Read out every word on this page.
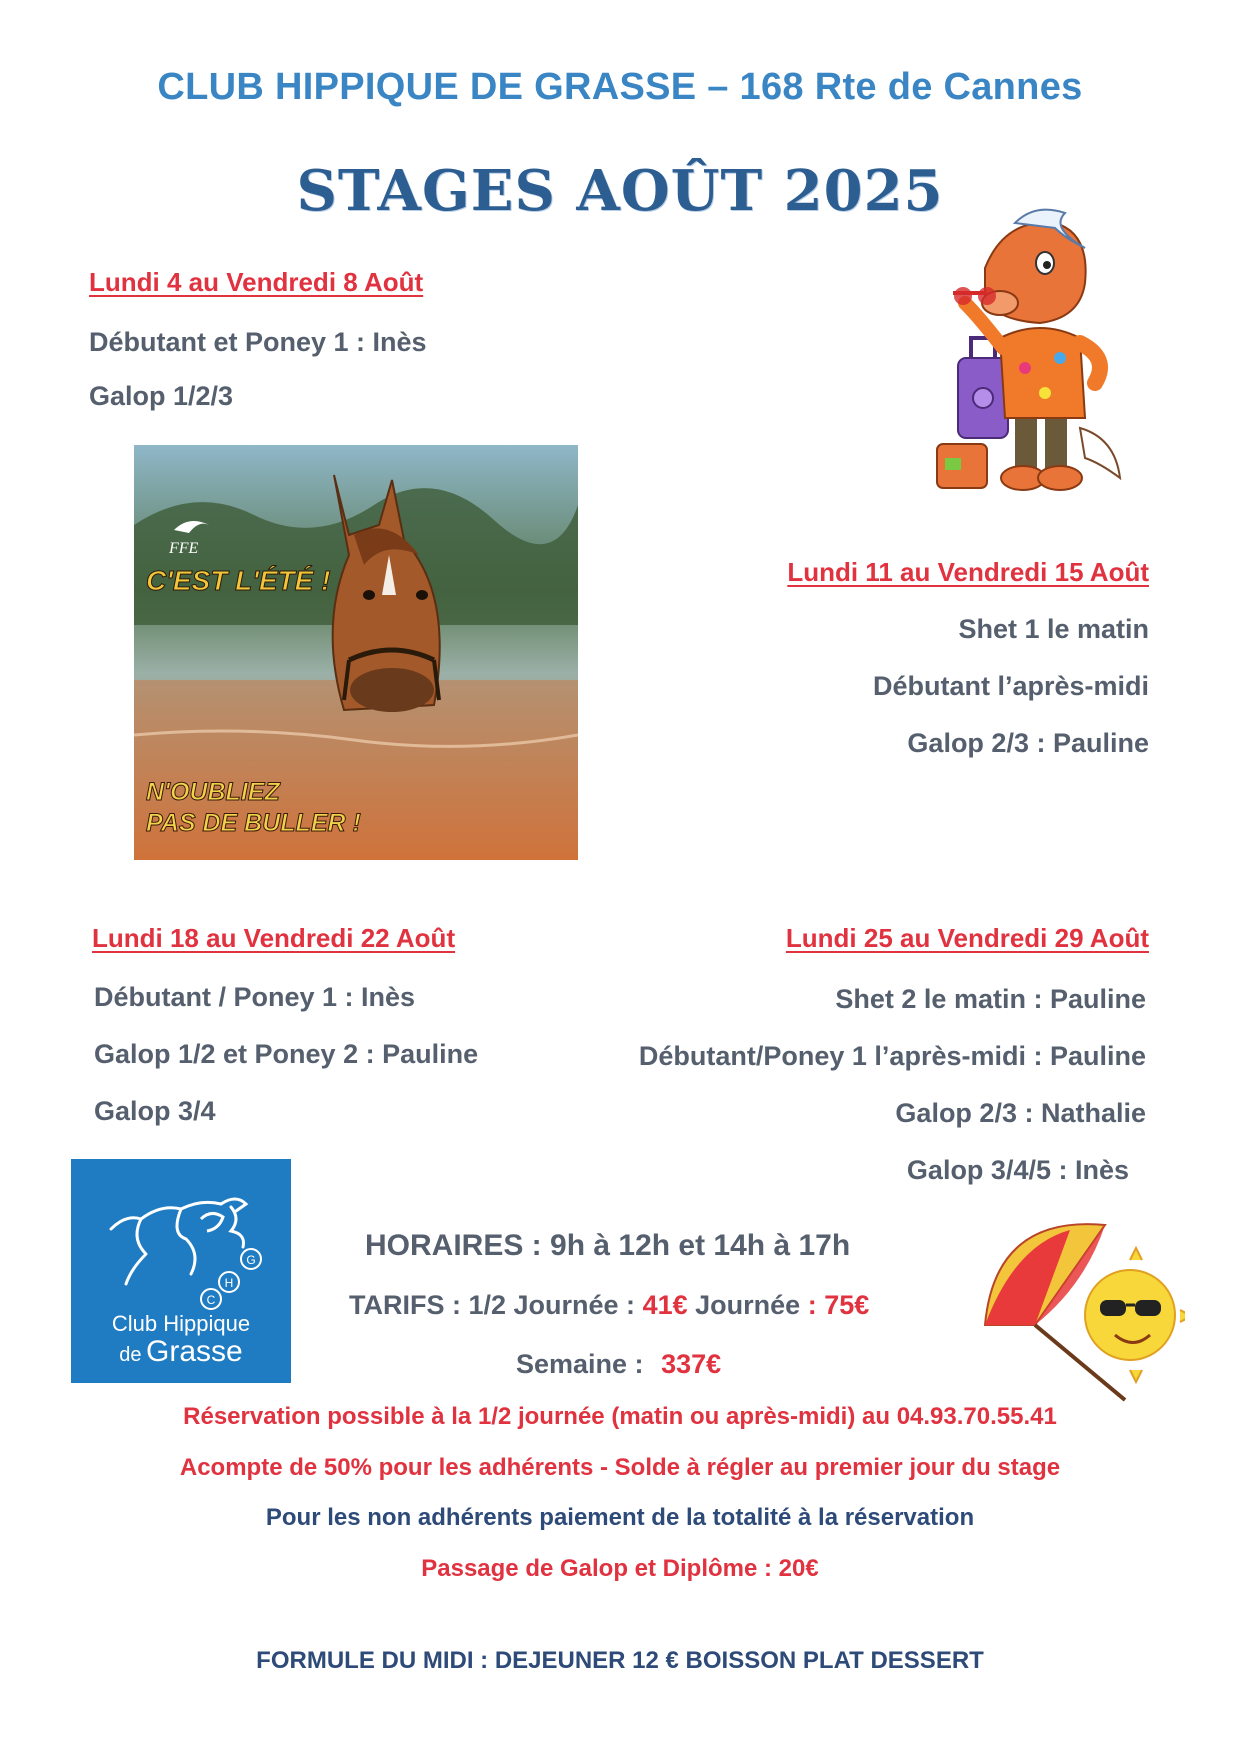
CLUB HIPPIQUE DE GRASSE – 168 Rte de Cannes
STAGES AOÛT 2025
Lundi 4 au Vendredi 8 Août
Débutant et Poney 1 : Inès
Galop 1/2/3
FFE
C'EST L'ÉTÉ !
N'OUBLIEZ
PAS DE BULLER !
Lundi 11 au Vendredi 15 Août
Shet 1 le matin
Débutant l’après-midi
Galop 2/3 : Pauline
Lundi 18 au Vendredi 22 Août
Débutant / Poney 1 : Inès
Galop 1/2 et Poney 2 : Pauline
Galop 3/4
Lundi 25 au Vendredi 29 Août
Shet 2 le matin : Pauline
Débutant/Poney 1 l’après-midi : Pauline
Galop 2/3 : Nathalie
Galop 3/4/5 : Inès
G
H
C
Club Hippique
de Grasse
HORAIRES : 9h à 12h et 14h à 17h
TARIFS : 1/2 Journée : 41€ Journée : 75€
Semaine : 337€
Réservation possible à la 1/2 journée (matin ou après-midi) au 04.93.70.55.41
Acompte de 50% pour les adhérents - Solde à régler au premier jour du stage
Pour les non adhérents paiement de la totalité à la réservation
Passage de Galop et Diplôme : 20€
FORMULE DU MIDI : DEJEUNER 12 € BOISSON PLAT DESSERT
